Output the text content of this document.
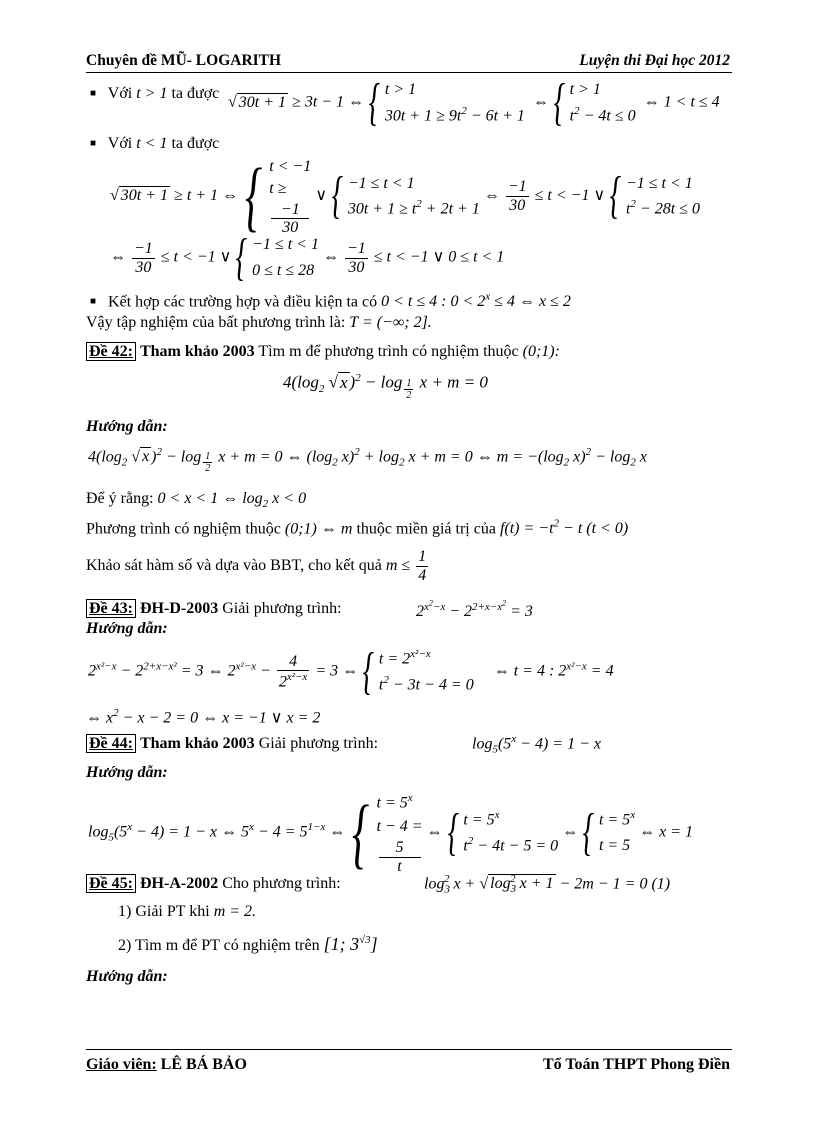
Chuyên đề MŨ- LOGARITH	Luyện thi Đại học 2012
■ Với t > 1 ta được
√ 30t + 1 ≥ 3t − 1 ⇔ { t > 1
$30t + 1 \ge 9t^2 - 6t + 1$
⇔ { t > 1
$t^2 - 4t \le 0$
⇔ 1 < t ≤ 4
■ Với t < 1 ta được
√ 30t + 1 ≥ t + 1 ⇔ { t < −1
t ≥
−1
30
∨ { −1 ≤ t < 1
$30t + 1 \ge t^2 + 2t + 1$
⇔ $\frac{-1}{30} \le t < -1$ ∨ { −1 ≤ t < 1
$t^2 - 28t \le 0$
⇔ $\frac{-1}{30} \le t < -1$ ∨ { −1 ≤ t < 1
0 ≤ t ≤ 28
⇔ $\frac{-1}{30} \le t < -1$ ∨ 0 ≤ t < 1
■ Kết hợp các trường hợp và điều kiện ta có 0 < t ≤ 4 : $0 < 2^x \le 4$ ⇔ x ≤ 2
Vậy tập nghiệm của bất phương trình là: T = (−∞; 2].
Đề 42: Tham khảo 2003 Tìm m để phương trình có nghiệm thuộc (0;1):
$4(\log_2$ √ x )$^2$ − log $_{\frac{1}{2}}$ x + m = 0
Hướng dẫn:
$4(\log_2$ √ x )$^2$ − log $_{\frac{1}{2}}$ x + m = 0 ⇔ ($\log_2$ $x)^2 + \log_2 x + m = 0$ ⇔ $m = -(\log_2$ $x)^2 - \log_2 x$
Để ý rằng: 0 < x < 1 ⇔ $\log_2 x < 0$
Phương trình có nghiệm thuộc (0;1) ⇔ m thuộc miền giá trị của $f(t) = -t^2 - t$ (t < 0)
Khảo sát hàm số và dựa vào BBT, cho kết quả $m \le \frac{1}{4}$
Đề 43: ĐH-D-2003 Giải phương trình:	$2^{x^2-x} - 2^{2+x-x^2} = 3$
Hướng dẫn:
$2^{x^2-x} - 2^{2+x-x^2} = 3$ ⇔ $2^{x^2-x} - \frac{4}{2^{x^2-x}} = 3$ ⇔ { $t = 2^{x^2-x}$
$t^2 - 3t - 4 = 0$
⇔ t = 4 : $2^{x^2-x} = 4$
⇔ $x^2 - x - 2 = 0$ ⇔ x = −1 ∨ x = 2
Đề 44: Tham khảo 2003 Giải phương trình:	$\log_5(5^x - 4) = 1 - x$
Hướng dẫn:
$\log_5(5^x - 4) = 1 - x$ ⇔ $5^x - 4 = 5^{1-x}$ ⇔ { $t = 5^x$
t − 4 =
5
t
⇔ { $t = 5^x$
$t^2 - 4t - 5 = 0$
⇔ { $t = 5^x$
t = 5
⇔ x = 1
Đề 45: ĐH-A-2002 Cho phương trình:	$\log_3^2 x$ + √ $\log_3^2 x + 1 - 2m - 1 = 0$ (1)
1) Giải PT khi m = 2.
2) Tìm m để PT có nghiệm trên [1; $3^{√3}$]
Hướng dẫn:
Giáo viên: LÊ BÁ BẢO	Tổ Toán THPT Phong Điền
